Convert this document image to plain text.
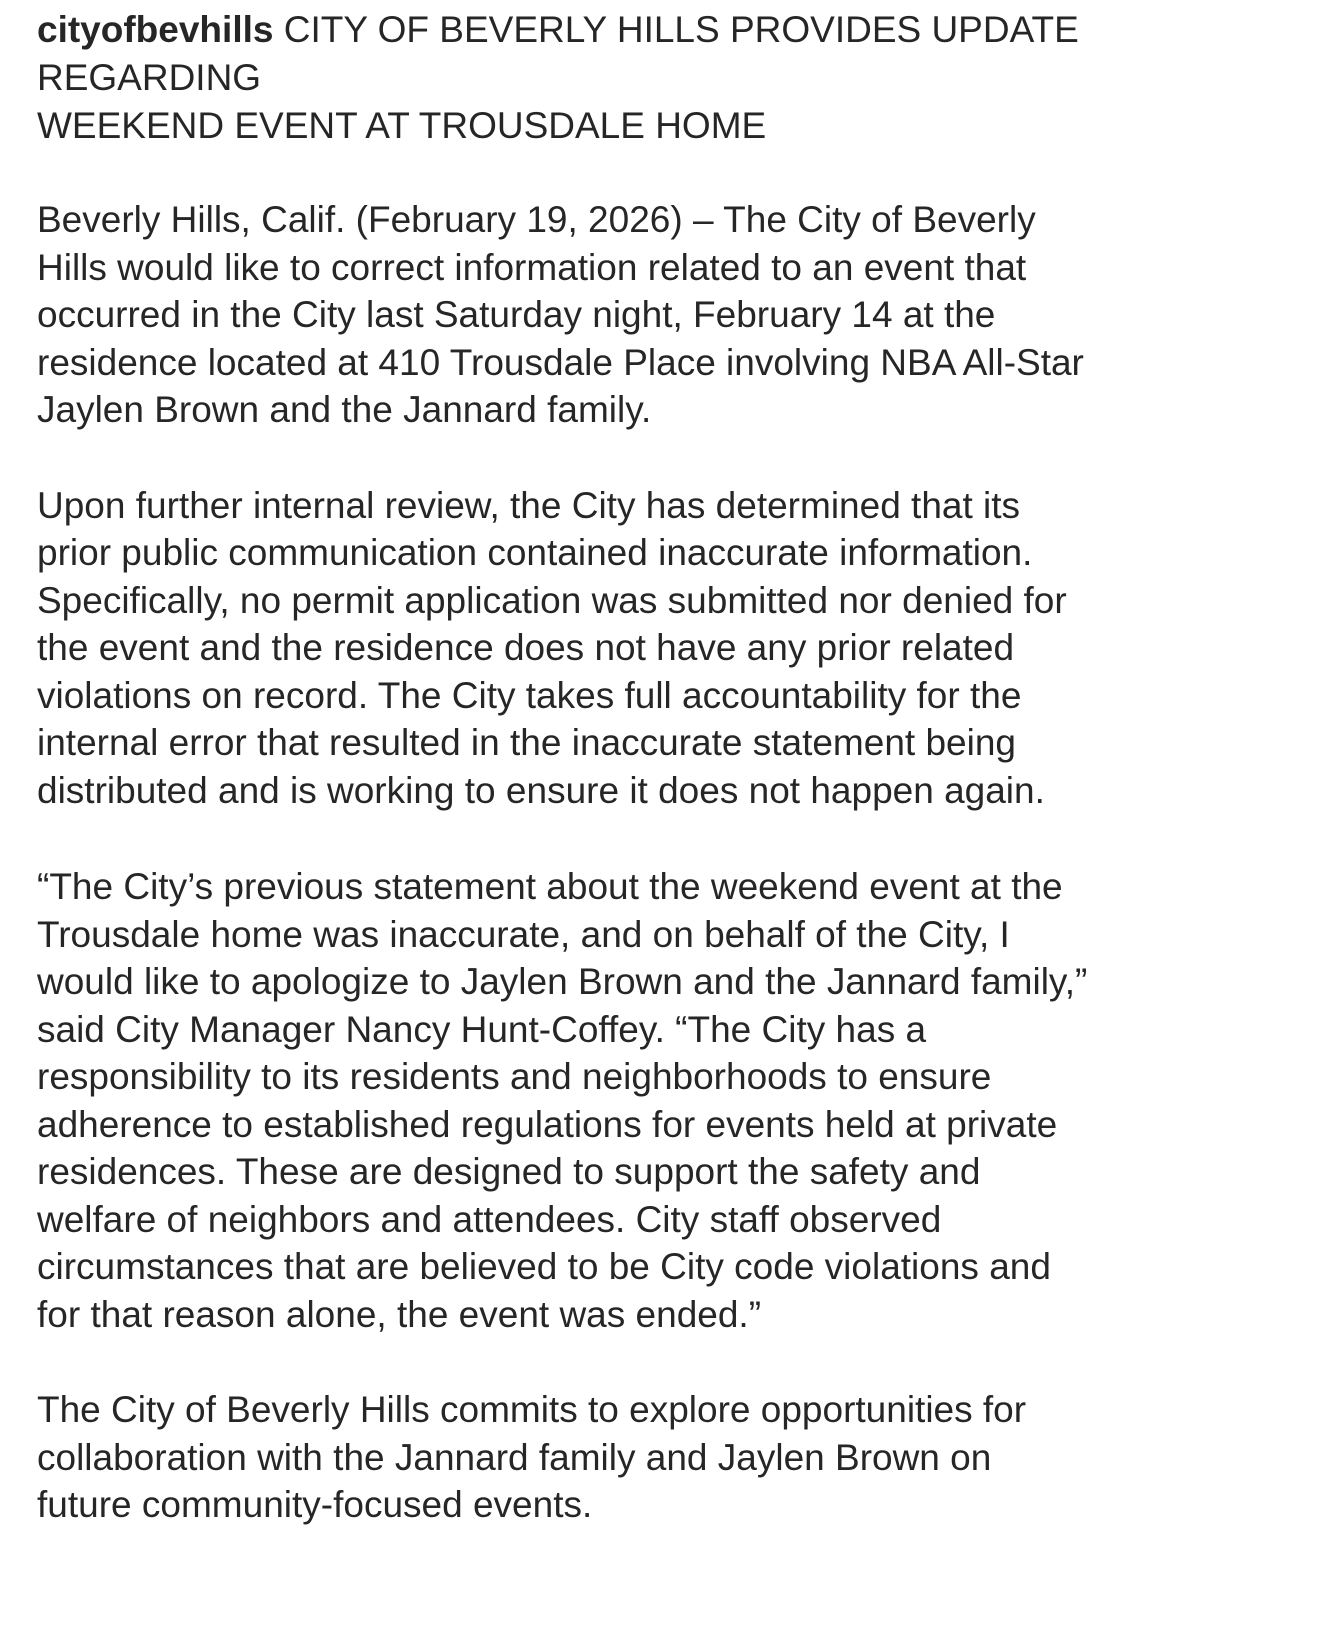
cityofbevhills CITY OF BEVERLY HILLS PROVIDES UPDATE
REGARDING
WEEKEND EVENT AT TROUSDALE HOME

Beverly Hills, Calif. (February 19, 2026) – The City of Beverly
Hills would like to correct information related to an event that
occurred in the City last Saturday night, February 14 at the
residence located at 410 Trousdale Place involving NBA All-Star
Jaylen Brown and the Jannard family.

Upon further internal review, the City has determined that its
prior public communication contained inaccurate information.
Specifically, no permit application was submitted nor denied for
the event and the residence does not have any prior related
violations on record. The City takes full accountability for the
internal error that resulted in the inaccurate statement being
distributed and is working to ensure it does not happen again.

“The City’s previous statement about the weekend event at the
Trousdale home was inaccurate, and on behalf of the City, I
would like to apologize to Jaylen Brown and the Jannard family,”
said City Manager Nancy Hunt-Coffey. “The City has a
responsibility to its residents and neighborhoods to ensure
adherence to established regulations for events held at private
residences. These are designed to support the safety and
welfare of neighbors and attendees. City staff observed
circumstances that are believed to be City code violations and
for that reason alone, the event was ended.”

The City of Beverly Hills commits to explore opportunities for
collaboration with the Jannard family and Jaylen Brown on
future community-focused events.
